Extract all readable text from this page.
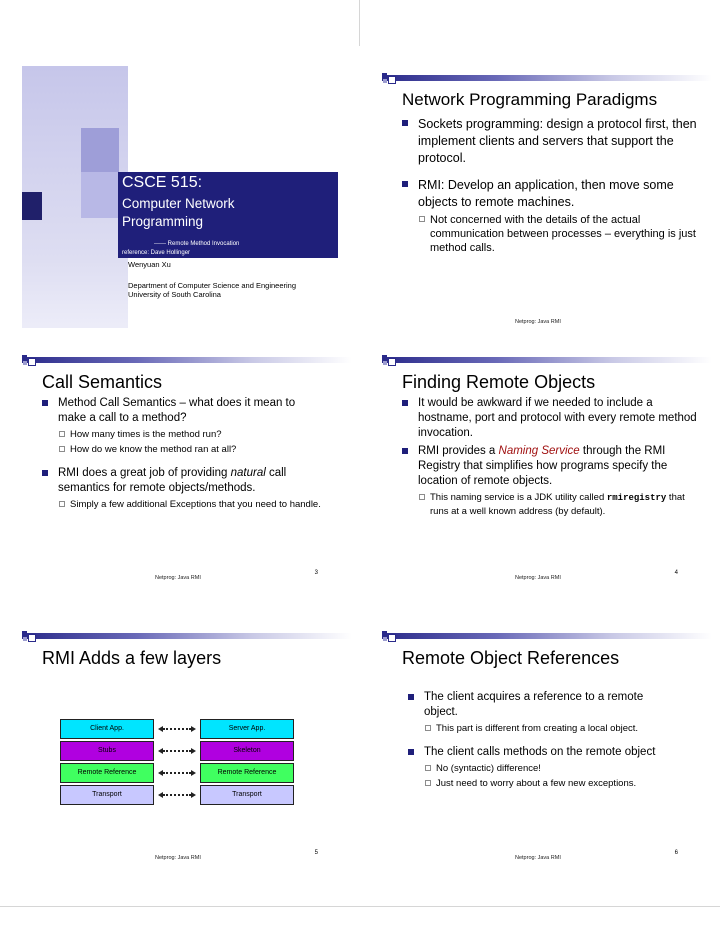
CSCE 515:
Computer Network
Programming
------ Remote Method Invocation
reference: Dave Hollinger
Wenyuan Xu
Department of Computer Science and Engineering
University of South Carolina
Network Programming Paradigms
Sockets programming: design a protocol first, then implement clients and servers that support the protocol.
RMI: Develop an application, then move some objects to remote machines.
Not concerned with the details of the actual communication between processes – everything is just method calls.
Netprog: Java RMI
Call Semantics
Method Call Semantics – what does it mean to make a call to a method?
How many times is the method run?
How do we know the method ran at all?
RMI does a great job of providing natural call semantics for remote objects/methods.
Simply a few additional Exceptions that you need to handle.
3
Netprog: Java RMI
Finding Remote Objects
It would be awkward if we needed to include a hostname, port and protocol with every remote method invocation.
RMI provides a Naming Service through the RMI Registry that simplifies how programs specify the location of remote objects.
This naming service is a JDK utility called rmiregistry that runs at a well known address (by default).
4
Netprog: Java RMI
RMI Adds a few layers
Client App.	Server App.
Stubs	Skeleton
Remote Reference	Remote Reference
Transport	Transport
5
Netprog: Java RMI
Remote Object References
The client acquires a reference to a remote object.
This part is different from creating a local object.
The client calls methods on the remote object
No (syntactic) difference!
Just need to worry about a few new exceptions.
6
Netprog: Java RMI
